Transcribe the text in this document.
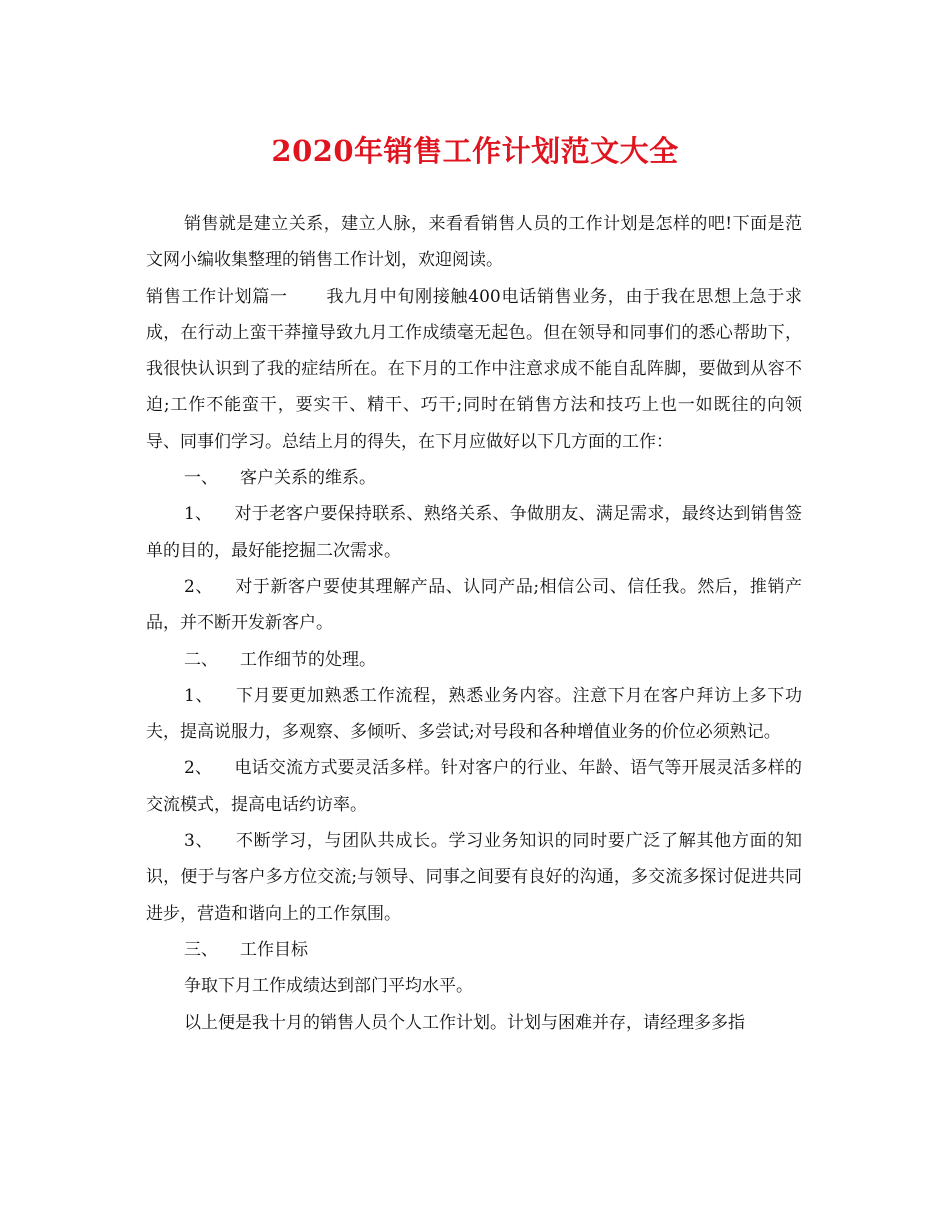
2020年销售工作计划范文大全

销售就是建立关系，建立人脉，来看看销售人员的工作计划是怎样的吧!下面是范文网小编收集整理的销售工作计划，欢迎阅读。

销售工作计划篇一 我九月中旬刚接触400电话销售业务，由于我在思想上急于求成，在行动上蛮干莽撞导致九月工作成绩毫无起色。但在领导和同事们的悉心帮助下，我很快认识到了我的症结所在。在下月的工作中注意求成不能自乱阵脚，要做到从容不迫;工作不能蛮干，要实干、精干、巧干;同时在销售方法和技巧上也一如既往的向领导、同事们学习。总结上月的得失，在下月应做好以下几方面的工作：

一、 客户关系的维系。

1、 对于老客户要保持联系、熟络关系、争做朋友、满足需求，最终达到销售签单的目的，最好能挖掘二次需求。

2、 对于新客户要使其理解产品、认同产品;相信公司、信任我。然后，推销产品，并不断开发新客户。

二、 工作细节的处理。

1、 下月要更加熟悉工作流程，熟悉业务内容。注意下月在客户拜访上多下功夫，提高说服力，多观察、多倾听、多尝试;对号段和各种增值业务的价位必须熟记。

2、 电话交流方式要灵活多样。针对客户的行业、年龄、语气等开展灵活多样的交流模式，提高电话约访率。

3、 不断学习，与团队共成长。学习业务知识的同时要广泛了解其他方面的知识，便于与客户多方位交流;与领导、同事之间要有良好的沟通，多交流多探讨促进共同进步，营造和谐向上的工作氛围。

三、 工作目标

争取下月工作成绩达到部门平均水平。

以上便是我十月的销售人员个人工作计划。计划与困难并存，请经理多多指
